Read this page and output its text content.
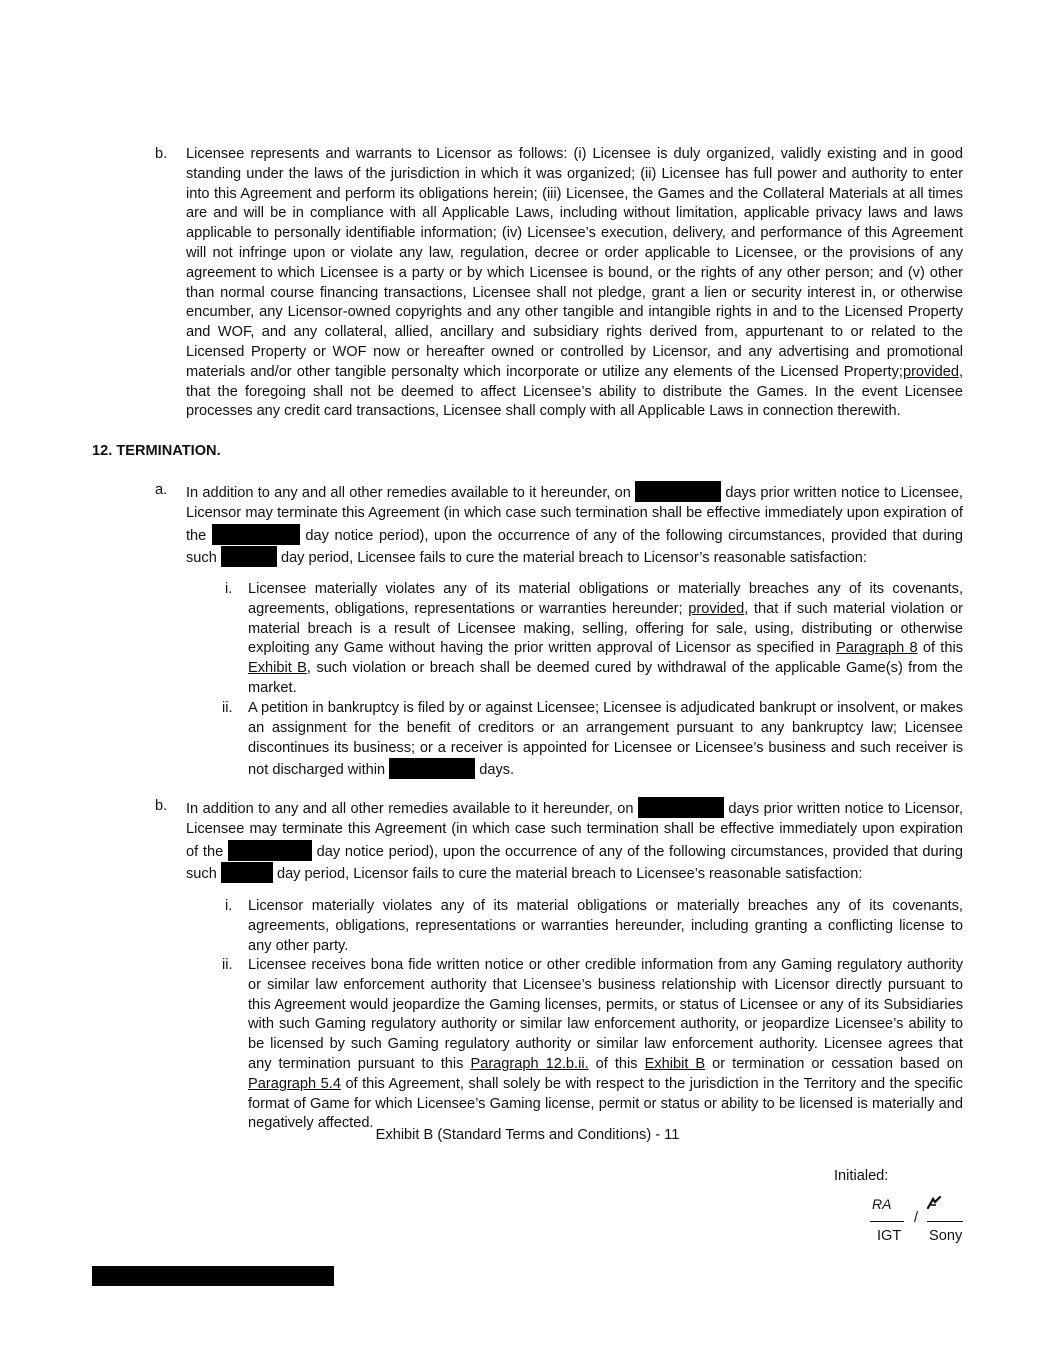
b. Licensee represents and warrants to Licensor as follows: (i) Licensee is duly organized, validly existing and in good standing under the laws of the jurisdiction in which it was organized; (ii) Licensee has full power and authority to enter into this Agreement and perform its obligations herein; (iii) Licensee, the Games and the Collateral Materials at all times are and will be in compliance with all Applicable Laws, including without limitation, applicable privacy laws and laws applicable to personally identifiable information; (iv) Licensee’s execution, delivery, and performance of this Agreement will not infringe upon or violate any law, regulation, decree or order applicable to Licensee, or the provisions of any agreement to which Licensee is a party or by which Licensee is bound, or the rights of any other person; and (v) other than normal course financing transactions, Licensee shall not pledge, grant a lien or security interest in, or otherwise encumber, any Licensor-owned copyrights and any other tangible and intangible rights in and to the Licensed Property and WOF, and any collateral, allied, ancillary and subsidiary rights derived from, appurtenant to or related to the Licensed Property or WOF now or hereafter owned or controlled by Licensor, and any advertising and promotional materials and/or other tangible personalty which incorporate or utilize any elements of the Licensed Property;provided, that the foregoing shall not be deemed to affect Licensee’s ability to distribute the Games. In the event Licensee processes any credit card transactions, Licensee shall comply with all Applicable Laws in connection therewith.
12. TERMINATION.
a. In addition to any and all other remedies available to it hereunder, on	days prior written notice to Licensee, Licensor may terminate this Agreement (in which case such termination shall be effective immediately upon expiration of the	day notice period), upon the occurrence of any of the following circumstances, provided that during such	day period, Licensee fails to cure the material breach to Licensor’s reasonable satisfaction:
i. Licensee materially violates any of its material obligations or materially breaches any of its covenants, agreements, obligations, representations or warranties hereunder; provided, that if such material violation or material breach is a result of Licensee making, selling, offering for sale, using, distributing or otherwise exploiting any Game without having the prior written approval of Licensor as specified in Paragraph 8 of this Exhibit B, such violation or breach shall be deemed cured by withdrawal of the applicable Game(s) from the market.
ii. A petition in bankruptcy is filed by or against Licensee; Licensee is adjudicated bankrupt or insolvent, or makes an assignment for the benefit of creditors or an arrangement pursuant to any bankruptcy law; Licensee discontinues its business; or a receiver is appointed for Licensee or Licensee’s business and such receiver is not discharged within	days.
b. In addition to any and all other remedies available to it hereunder, on	days prior written notice to Licensor, Licensee may terminate this Agreement (in which case such termination shall be effective immediately upon expiration of the	day notice period), upon the occurrence of any of the following circumstances, provided that during such	day period, Licensor fails to cure the material breach to Licensee’s reasonable satisfaction:
i. Licensor materially violates any of its material obligations or materially breaches any of its covenants, agreements, obligations, representations or warranties hereunder, including granting a conflicting license to any other party.
ii. Licensee receives bona fide written notice or other credible information from any Gaming regulatory authority or similar law enforcement authority that Licensee’s business relationship with Licensor directly pursuant to this Agreement would jeopardize the Gaming licenses, permits, or status of Licensee or any of its Subsidiaries with such Gaming regulatory authority or similar law enforcement authority, or jeopardize Licensee’s ability to be licensed by such Gaming regulatory authority or similar law enforcement authority. Licensee agrees that any termination pursuant to this Paragraph 12.b.ii. of this Exhibit B or termination or cessation based on Paragraph 5.4 of this Agreement, shall solely be with respect to the jurisdiction in the Territory and the specific format of Game for which Licensee’s Gaming license, permit or status or ability to be licensed is materially and negatively affected.
Exhibit B (Standard Terms and Conditions) - 11
Initialed:
RA
/
IGT Sony
